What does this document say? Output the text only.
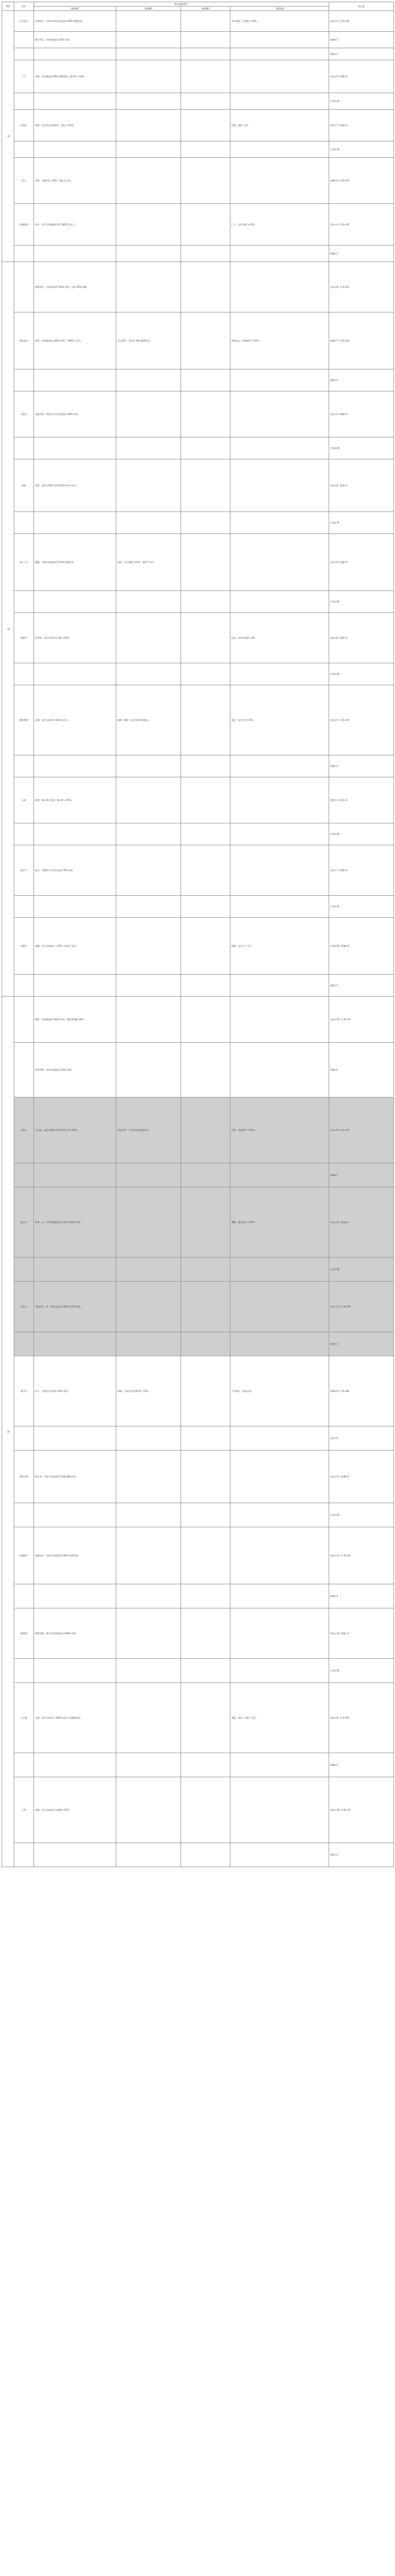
等阶	单位	职业技能简介				成长值
		技能槽1	技能槽2	技能槽3	天赋技能	
一阶	近卫步兵	冲锋射击：对前方单体目标造成 120% 物理伤害。			坚守阵地：生命值 +10%。	攻击+5 / 生命+40
		刺刀突击：对单体造成 110% 伤害。				防御+3
						速度+1
	弓手	齐射：对后排造成 90% 物理伤害，命中率 +10%。				攻击+6 / 防御+2
						生命+35
	轻骑兵	冲阵：优先攻击后排单位，暴击 +20%。			疾驰：速度 +15。	攻击+7 / 速度+2
						生命+30
	盾卫	举盾：受到伤害 -20%，持续 2 回合。				防御+6 / 生命+50
	战地医师	包扎：治疗生命最低的友军 80% 攻击力。			仁心：治疗效果 +10%。	攻击+4 / 生命+30
						防御+3
二阶		精准射击：对单体造成 150% 伤害，无视 10% 防御。				攻击+8 / 生命+45
	重装枪兵	枪阵：对前排造成 100% 伤害，并嘲讽 1 回合。	反击架势：受击时 30% 概率反击。		钢铁意志：控制抗性 +15%。	防御+7 / 生命+60
						速度+1
	火枪手	装填齐射：两回合后对全体造成 130% 伤害。				攻击+9 / 防御+3
						生命+40
	游侠	毒箭：造成 100% 伤害并附加中毒 3 回合。				攻击+8 / 速度+2
						生命+35
	战斗工兵	爆破：对敌方前排造成 120% 范围伤害。	加固：友方防御 +15%，持续 2 回合。			攻击+6 / 防御+5
						生命+45
	骑射手	回马射：攻击后本回合闪避 +25%。			机动：首回合速度 +20。	攻击+8 / 速度+3
						生命+30
	随军牧师	祈祷：治疗全体友军 60% 攻击力。	驱散：移除一名友军的负面状态。		庇佑：友军生命 +5%。	攻击+5 / 生命+40
						防御+3
	斥候	侦察：揭示敌方全体，暴击率 +10%。				速度+3 / 攻击+5
						生命+30
	投石兵	抛石：对随机 3 名敌人造成 70% 伤害。				攻击+7 / 防御+2
						生命+35
	军旗手	战旗：友方全体攻击 +10%，持续 2 回合。			鼓舞：友军士气 +1。	生命+50 / 防御+4
						速度+1
三阶		破阵：对前排造成 160% 伤害，降低其防御 20%。				攻击+10 / 生命+55
		重甲冲锋：冲向后排造成 150% 伤害。				防御+6
	圣骑士	圣光斩：造成 140% 伤害并治疗自身 30%。	神圣护盾：为全体友军提供护盾。		信仰：受到治疗 +15%。	攻击+9 / 生命+70
						防御+7
	狙击手	致命一击：对生命最低的敌人造成 220% 伤害。			鹰眼：暴击伤害 +25%。	攻击+12 / 速度+2
						生命+40
	龙骑兵	烈焰冲击：对一列敌人造成 130% 伤害并灼烧。				攻击+11 / 生命+60
						速度+2
	禁卫军	护主：为指定友军承担 50% 伤害。	盾墙：全体友军受到伤害 -15%。		不动如山：免疫击退。	防御+9 / 生命+80
						攻击+6
	战争法师	陨石术：对敌方全体造成 120% 魔法伤害。				攻击+12 / 防御+3
						生命+45
	攻城炮手	重炮轰击：对敌方后排造成 180% 范围伤害。				攻击+13 / 生命+50
						防御+4
	影刺客	暗影突袭：潜行后对单体造成 200% 伤害。				攻击+12 / 速度+3
						生命+35
	大主教	圣愈：治疗全体友军 100% 攻击力并驱散负面。			神恩：复活一名阵亡友军。	攻击+8 / 生命+60
						防御+5
	元帅	统帅：友方全体攻击与防御 +15%。				攻击+10 / 生命+70
						速度+2
